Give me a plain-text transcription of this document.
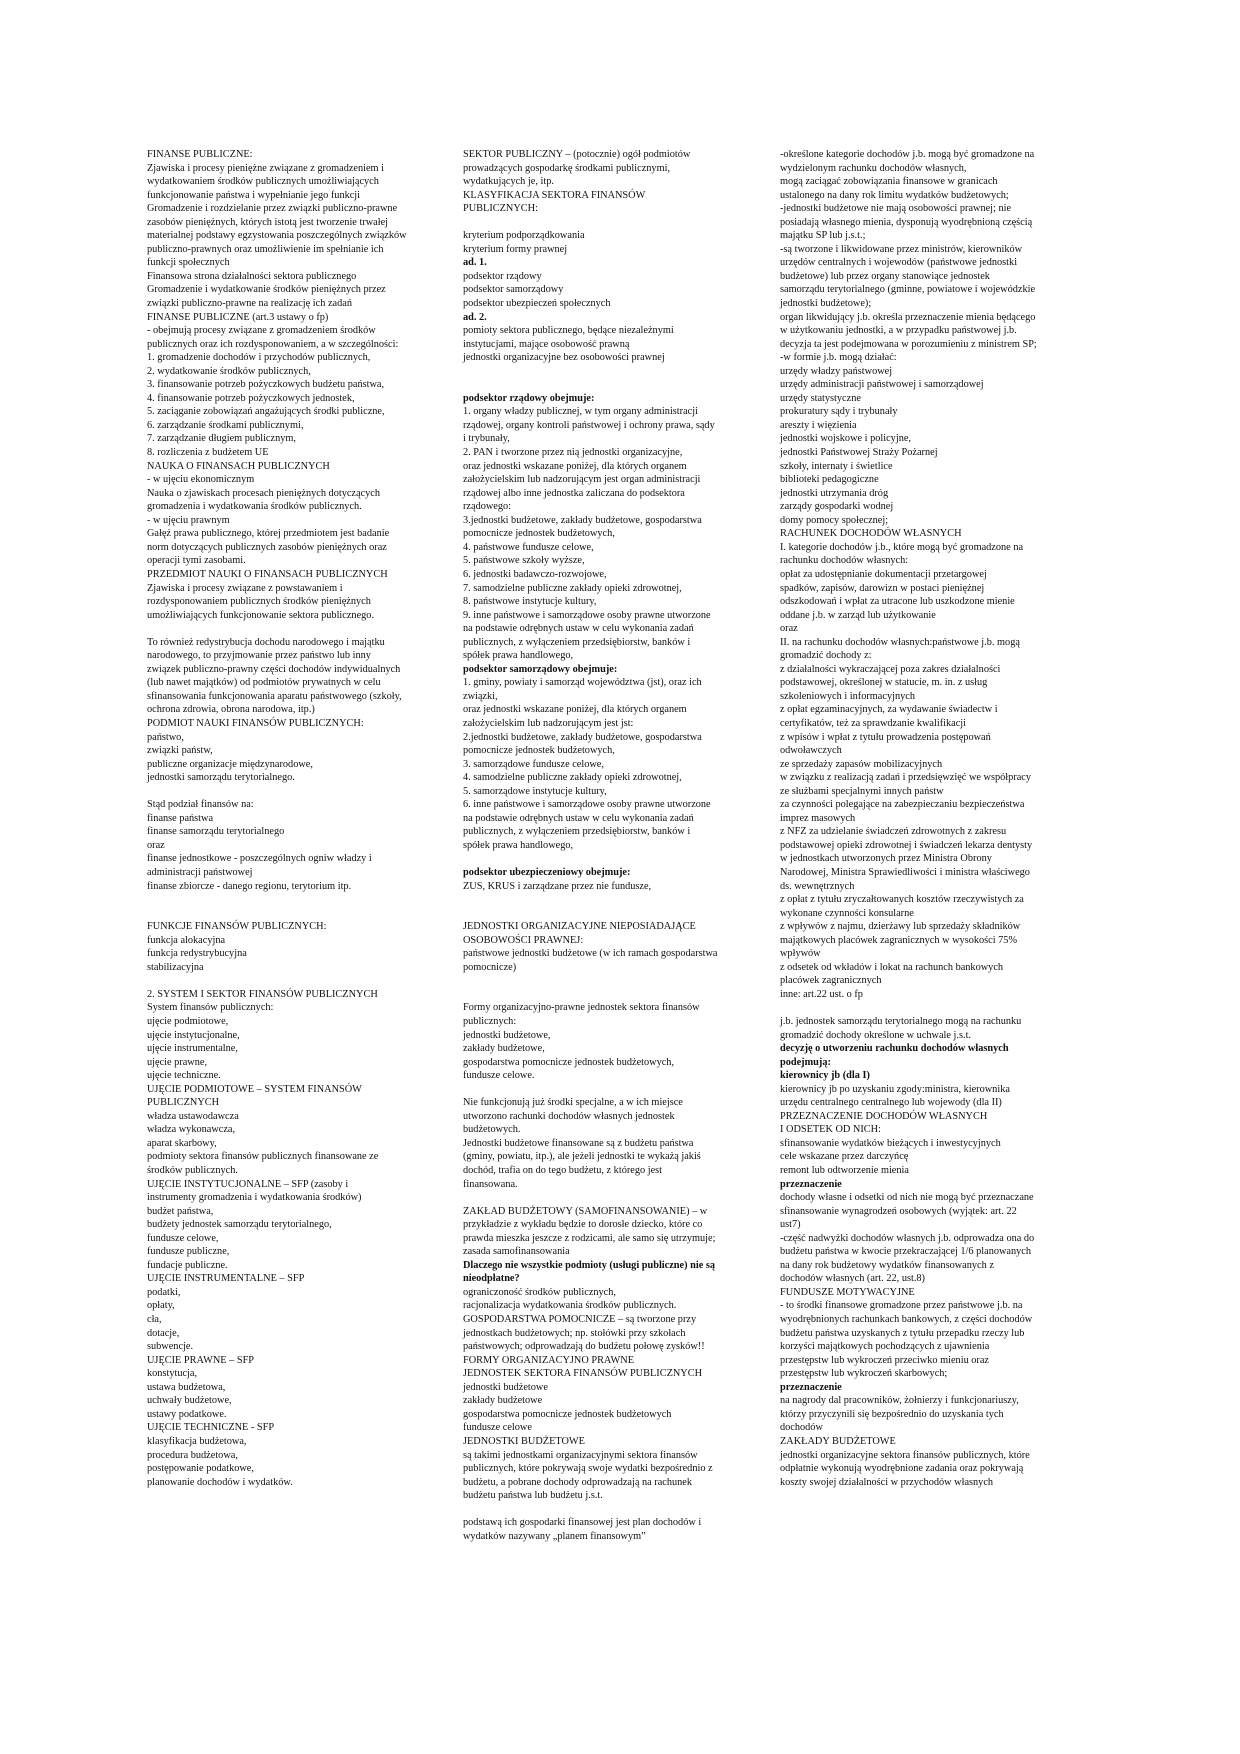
FINANSE PUBLICZNE:
Zjawiska i procesy pieniężne związane z gromadzeniem i
wydatkowaniem środków publicznych umożliwiających
funkcjonowanie państwa i wypełnianie jego funkcji
Gromadzenie i rozdzielanie przez związki publiczno-prawne
zasobów pieniężnych, których istotą jest tworzenie trwałej
materialnej podstawy egzystowania poszczególnych związków
publiczno-prawnych oraz umożliwienie im spełnianie ich
funkcji społecznych
Finansowa strona działalności sektora publicznego
Gromadzenie i wydatkowanie środków pieniężnych przez
związki publiczno-prawne na realizację ich zadań
FINANSE PUBLICZNE (art.3 ustawy o fp)
- obejmują procesy związane z gromadzeniem środków
publicznych oraz ich rozdysponowaniem, a w szczególności:
1. gromadzenie dochodów i przychodów publicznych,
2. wydatkowanie środków publicznych,
3. finansowanie potrzeb pożyczkowych budżetu państwa,
4. finansowanie potrzeb pożyczkowych jednostek,
5. zaciąganie zobowiązań angażujących środki publiczne,
6. zarządzanie środkami publicznymi,
7. zarządzanie długiem publicznym,
8. rozliczenia z budżetem UE
NAUKA O FINANSACH PUBLICZNYCH
- w ujęciu ekonomicznym
Nauka o zjawiskach procesach pieniężnych dotyczących
gromadzenia i wydatkowania środków publicznych.
- w ujęciu prawnym
Gałęź prawa publicznego, której przedmiotem jest badanie
norm dotyczących publicznych zasobów pieniężnych oraz
operacji tymi zasobami.
PRZEDMIOT NAUKI O FINANSACH PUBLICZNYCH
Zjawiska i procesy związane z powstawaniem i
rozdysponowaniem publicznych środków pieniężnych
umożliwiających funkcjonowanie sektora publicznego.
To również redystrybucja dochodu narodowego i majątku
narodowego, to przyjmowanie przez państwo lub inny
związek publiczno-prawny części dochodów indywidualnych
(lub nawet majątków) od podmiotów prywatnych w celu
sfinansowania funkcjonowania aparatu państwowego (szkoły,
ochrona zdrowia, obrona narodowa, itp.)
PODMIOT NAUKI FINANSÓW PUBLICZNYCH:
państwo,
związki państw,
publiczne organizacje międzynarodowe,
jednostki samorządu terytorialnego.
Stąd podział finansów na:
finanse państwa
finanse samorządu terytorialnego
oraz
finanse jednostkowe - poszczególnych ogniw władzy i
administracji państwowej
finanse zbiorcze - danego regionu, terytorium itp.
FUNKCJE FINANSÓW PUBLICZNYCH:
funkcja alokacyjna
funkcja redystrybucyjna
stabilizacyjna
2. SYSTEM I SEKTOR FINANSÓW PUBLICZNYCH
System finansów publicznych:
ujęcie podmiotowe,
ujęcie instytucjonalne,
ujęcie instrumentalne,
ujęcie prawne,
ujęcie techniczne.
UJĘCIE PODMIOTOWE – SYSTEM FINANSÓW
PUBLICZNYCH
władza ustawodawcza
władza wykonawcza,
aparat skarbowy,
podmioty sektora finansów publicznych finansowane ze
środków publicznych.
UJĘCIE INSTYTUCJONALNE – SFP (zasoby i
instrumenty gromadzenia i wydatkowania środków)
budżet państwa,
budżety jednostek samorządu terytorialnego,
fundusze celowe,
fundusze publiczne,
fundacje publiczne.
UJĘCIE INSTRUMENTALNE – SFP
podatki,
opłaty,
cła,
dotacje,
subwencje.
UJĘCIE PRAWNE – SFP
konstytucja,
ustawa budżetowa,
uchwały budżetowe,
ustawy podatkowe.
UJĘCIE TECHNICZNE - SFP
klasyfikacja budżetowa,
procedura budżetowa,
postępowanie podatkowe,
planowanie dochodów i wydatków.
SEKTOR PUBLICZNY – (potocznie) ogół podmiotów
prowadzących gospodarkę środkami publicznymi,
wydatkujących je, itp.
KLASYFIKACJA SEKTORA FINANSÓW
PUBLICZNYCH:
kryterium podporządkowania
kryterium formy prawnej
ad. 1.
podsektor rządowy
podsektor samorządowy
podsektor ubezpieczeń społecznych
ad. 2.
pomioty sektora publicznego, będące niezależnymi
instytucjami, mające osobowość prawną
jednostki organizacyjne bez osobowości prawnej
podsektor rządowy obejmuje:
1. organy władzy publicznej, w tym organy administracji
rządowej, organy kontroli państwowej i ochrony prawa, sądy
i trybunały,
2. PAN i tworzone przez nią jednostki organizacyjne,
oraz jednostki wskazane poniżej, dla których organem
założycielskim lub nadzorującym jest organ administracji
rządowej albo inne jednostka zaliczana do podsektora
rządowego:
3.jednostki budżetowe, zakłady budżetowe, gospodarstwa
pomocnicze jednostek budżetowych,
4. państwowe fundusze celowe,
5. państwowe szkoły wyższe,
6. jednostki badawczo-rozwojowe,
7. samodzielne publiczne zakłady opieki zdrowotnej,
8. państwowe instytucje kultury,
9. inne państwowe i samorządowe osoby prawne utworzone
na podstawie odrębnych ustaw w celu wykonania zadań
publicznych, z wyłączeniem przedsiębiorstw, banków i
spółek prawa handlowego,
podsektor samorządowy obejmuje:
1. gminy, powiaty i samorząd województwa (jst), oraz ich
związki,
oraz jednostki wskazane poniżej, dla których organem
założycielskim lub nadzorującym jest jst:
2.jednostki budżetowe, zakłady budżetowe, gospodarstwa
pomocnicze jednostek budżetowych,
3. samorządowe fundusze celowe,
4. samodzielne publiczne zakłady opieki zdrowotnej,
5. samorządowe instytucje kultury,
6. inne państwowe i samorządowe osoby prawne utworzone
na podstawie odrębnych ustaw w celu wykonania zadań
publicznych, z wyłączeniem przedsiębiorstw, banków i
spółek prawa handlowego,
podsektor ubezpieczeniowy obejmuje:
ZUS, KRUS i zarządzane przez nie fundusze,
JEDNOSTKI ORGANIZACYJNE NIEPOSIADAJĄCE
OSOBOWOŚCI PRAWNEJ:
państwowe jednostki budżetowe (w ich ramach gospodarstwa
pomocnicze)
Formy organizacyjno-prawne jednostek sektora finansów
publicznych:
jednostki budżetowe,
zakłady budżetowe,
gospodarstwa pomocnicze jednostek budżetowych,
fundusze celowe.
Nie funkcjonują już środki specjalne, a w ich miejsce
utworzono rachunki dochodów własnych jednostek
budżetowych.
Jednostki budżetowe finansowane są z budżetu państwa
(gminy, powiatu, itp.), ale jeżeli jednostki te wykażą jakiś
dochód, trafia on do tego budżetu, z którego jest
finansowana.
ZAKŁAD BUDŻETOWY (SAMOFINANSOWANIE) – w
przykładzie z wykładu będzie to dorosłe dziecko, które co
prawda mieszka jeszcze z rodzicami, ale samo się utrzymuje;
zasada samofinansowania
Dlaczego nie wszystkie podmioty (usługi publiczne) nie są
nieodpłatne?
ograniczoność środków publicznych,
racjonalizacja wydatkowania środków publicznych.
GOSPODARSTWA POMOCNICZE – są tworzone przy
jednostkach budżetowych; np. stołówki przy szkołach
państwowych; odprowadzają do budżetu połowę zysków!!
FORMY ORGANIZACYJNO PRAWNE
JEDNOSTEK SEKTORA FINANSÓW PUBLICZNYCH
jednostki budżetowe
zakłady budżetowe
gospodarstwa pomocnicze jednostek budżetowych
fundusze celowe
JEDNOSTKI BUDŻETOWE
są takimi jednostkami organizacyjnymi sektora finansów
publicznych, które pokrywają swoje wydatki bezpośrednio z
budżetu, a pobrane dochody odprowadzają na rachunek
budżetu państwa lub budżetu j.s.t.
podstawą ich gospodarki finansowej jest plan dochodów i
wydatków nazywany „planem finansowym”
-określone kategorie dochodów j.b. mogą być gromadzone na
wydzielonym rachunku dochodów własnych,
mogą zaciągać zobowiązania finansowe w granicach
ustalonego na dany rok limitu wydatków budżetowych;
-jednostki budżetowe nie mają osobowości prawnej; nie
posiadają własnego mienia, dysponują wyodrębnioną częścią
majątku SP lub j.s.t.;
-są tworzone i likwidowane przez ministrów, kierowników
urzędów centralnych i wojewodów (państwowe jednostki
budżetowe) lub przez organy stanowiące jednostek
samorządu terytorialnego (gminne, powiatowe i wojewódzkie
jednostki budżetowe);
organ likwidujący j.b. określa przeznaczenie mienia będącego
w użytkowaniu jednostki, a w przypadku państwowej j.b.
decyzja ta jest podejmowana w porozumieniu z ministrem SP;
-w formie j.b. mogą działać:
urzędy władzy państwowej
urzędy administracji państwowej i samorządowej
urzędy statystyczne
prokuratury sądy i trybunały
areszty i więzienia
jednostki wojskowe i policyjne,
jednostki Państwowej Straży Pożarnej
szkoły, internaty i świetlice
biblioteki pedagogiczne
jednostki utrzymania dróg
zarządy gospodarki wodnej
domy pomocy społecznej;
RACHUNEK DOCHODÓW WŁASNYCH
I. kategorie dochodów j.b., które mogą być gromadzone na
rachunku dochodów własnych:
opłat za udostępnianie dokumentacji przetargowej
spadków, zapisów, darowizn w postaci pieniężnej
odszkodowań i wpłat za utracone lub uszkodzone mienie
oddane j.b. w zarząd lub użytkowanie
oraz
II. na rachunku dochodów własnych:państwowe j.b. mogą
gromadzić dochody z:
z działalności wykraczającej poza zakres działalności
podstawowej, określonej w statucie, m. in. z usług
szkoleniowych i informacyjnych
z opłat egzaminacyjnych, za wydawanie świadectw i
certyfikatów, też za sprawdzanie kwalifikacji
z wpisów i wpłat z tytułu prowadzenia postępowań
odwoławczych
ze sprzedaży zapasów mobilizacyjnych
w związku z realizacją zadań i przedsięwzięć we współpracy
ze służbami specjalnymi innych państw
za czynności polegające na zabezpieczaniu bezpieczeństwa
imprez masowych
z NFZ za udzielanie świadczeń zdrowotnych z zakresu
podstawowej opieki zdrowotnej i świadczeń lekarza dentysty
w jednostkach utworzonych przez Ministra Obrony
Narodowej, Ministra Sprawiedliwości i ministra właściwego
ds. wewnętrznych
z opłat z tytułu zryczałtowanych kosztów rzeczywistych za
wykonane czynności konsularne
z wpływów z najmu, dzierżawy lub sprzedaży składników
majątkowych placówek zagranicznych w wysokości 75%
wpływów
z odsetek od wkładów i lokat na rachunch bankowych
placówek zagranicznych
inne: art.22 ust. o fp
j.b. jednostek samorządu terytorialnego mogą na rachunku
gromadzić dochody określone w uchwale j.s.t.
decyzję o utworzeniu rachunku dochodów własnych
podejmują:
kierownicy jb (dla I)
kierownicy jb po uzyskaniu zgody:ministra, kierownika
urzędu centralnego centralnego lub wojewody (dla II)
PRZEZNACZENIE DOCHODÓW WŁASNYCH
I ODSETEK OD NICH:
sfinansowanie wydatków bieżących i inwestycyjnych
cele wskazane przez darczyńcę
remont lub odtworzenie mienia
przeznaczenie
dochody własne i odsetki od nich nie mogą być przeznaczane
sfinansowanie wynagrodzeń osobowych (wyjątek: art. 22
ust7)
-część nadwyżki dochodów własnych j.b. odprowadza ona do
budżetu państwa w kwocie przekraczającej 1/6 planowanych
na dany rok budżetowy wydatków finansowanych z
dochodów własnych (art. 22, ust.8)
FUNDUSZE MOTYWACYJNE
- to środki finansowe gromadzone przez państwowe j.b. na
wyodrębnionych rachunkach bankowych, z części dochodów
budżetu państwa uzyskanych z tytułu przepadku rzeczy lub
korzyści majątkowych pochodzących z ujawnienia
przestępstw lub wykroczeń przeciwko mieniu oraz
przestępstw lub wykroczeń skarbowych;
przeznaczenie
na nagrody dal pracowników, żołnierzy i funkcjonariuszy,
którzy przyczynili się bezpośrednio do uzyskania tych
dochodów
ZAKŁADY BUDŻETOWE
jednostki organizacyjne sektora finansów publicznych, które
odpłatnie wykonują wyodrębnione zadania oraz pokrywają
koszty swojej działalności w przychodów własnych
